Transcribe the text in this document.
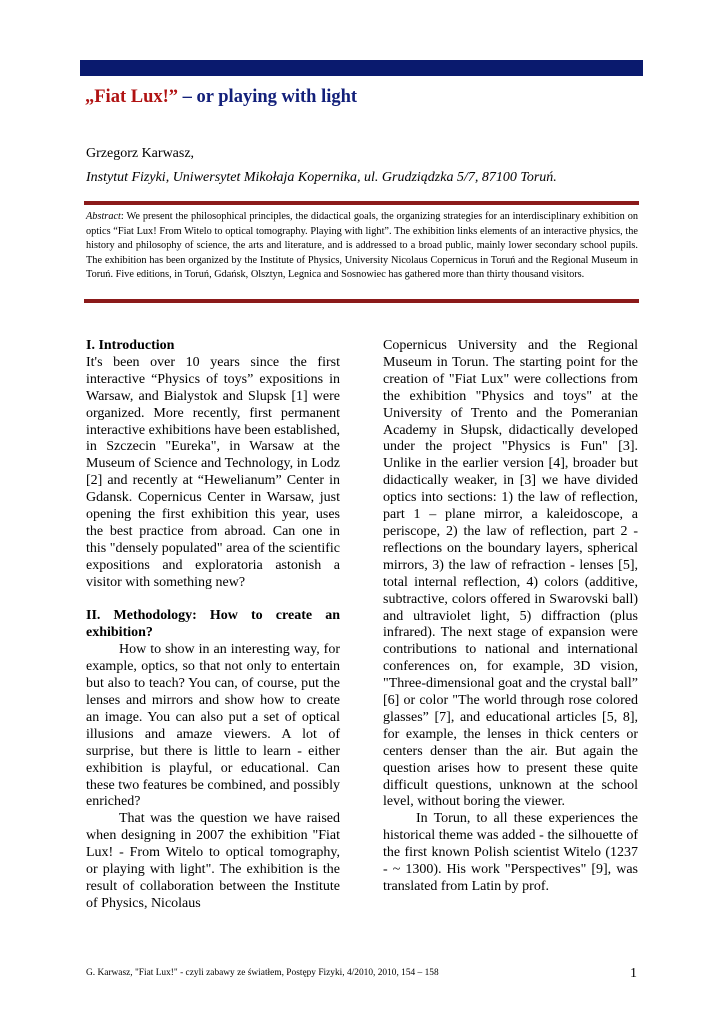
„Fiat Lux!” – or playing with light
Grzegorz Karwasz,
Instytut Fizyki, Uniwersytet Mikołaja Kopernika, ul. Grudziądzka 5/7, 87100 Toruń.
Abstract: We present the philosophical principles, the didactical goals, the organizing strategies for an interdisciplinary exhibition on optics “Fiat Lux! From Witelo to optical tomography. Playing with light”. The exhibition links elements of an interactive physics, the history and philosophy of science, the arts and literature, and is addressed to a broad public, mainly lower secondary school pupils. The exhibition has been organized by the Institute of Physics, University Nicolaus Copernicus in Toruń and the Regional Museum in Toruń. Five editions, in Toruń, Gdańsk, Olsztyn, Legnica and Sosnowiec has gathered more than thirty thousand visitors.

I. Introduction

It's been over 10 years since the first interactive “Physics of toys” expositions in Warsaw, and Bialystok and Slupsk [1] were organized. More recently, first permanent interactive exhibitions have been established, in Szczecin "Eureka", in Warsaw at the Museum of Science and Technology, in Lodz [2] and recently at “Hewelianum” Center in Gdansk. Copernicus Center in Warsaw, just opening the first exhibition this year, uses the best practice from abroad. Can one in this "densely populated" area of the scientific expositions and exploratoria astonish a visitor with something new?

II. Methodology: How to create an exhibition?

How to show in an interesting way, for example, optics, so that not only to entertain but also to teach? You can, of course, put the lenses and mirrors and show how to create an image. You can also put a set of optical illusions and amaze viewers. A lot of surprise, but there is little to learn - either exhibition is playful, or educational. Can these two features be combined, and possibly enriched?

That was the question we have raised when designing in 2007 the exhibition "Fiat Lux! - From Witelo to optical tomography, or playing with light". The exhibition is the result of collaboration between the Institute of Physics, Nicolaus

Copernicus University and the Regional Museum in Torun. The starting point for the creation of "Fiat Lux" were collections from the exhibition "Physics and toys" at the University of Trento and the Pomeranian Academy in Słupsk, didactically developed under the project "Physics is Fun" [3]. Unlike in the earlier version [4], broader but didactically weaker, in [3] we have divided optics into sections: 1) the law of reflection, part 1 – plane mirror, a kaleidoscope, a periscope, 2) the law of reflection, part 2 - reflections on the boundary layers, spherical mirrors, 3) the law of refraction - lenses [5], total internal reflection, 4) colors (additive, subtractive, colors offered in Swarovski ball) and ultraviolet light, 5) diffraction (plus infrared). The next stage of expansion were contributions to national and international conferences on, for example, 3D vision, "Three-dimensional goat and the crystal ball” [6] or color "The world through rose colored glasses” [7], and educational articles [5, 8], for example, the lenses in thick centers or centers denser than the air. But again the question arises how to present these quite difficult questions, unknown at the school level, without boring the viewer.

In Torun, to all these experiences the historical theme was added - the silhouette of the first known Polish scientist Witelo (1237 - ~ 1300). His work "Perspectives" [9], was translated from Latin by prof.

G. Karwasz, "Fiat Lux!" - czyli zabawy ze światłem, Postępy Fizyki, 4/2010, 2010, 154 – 158	1
